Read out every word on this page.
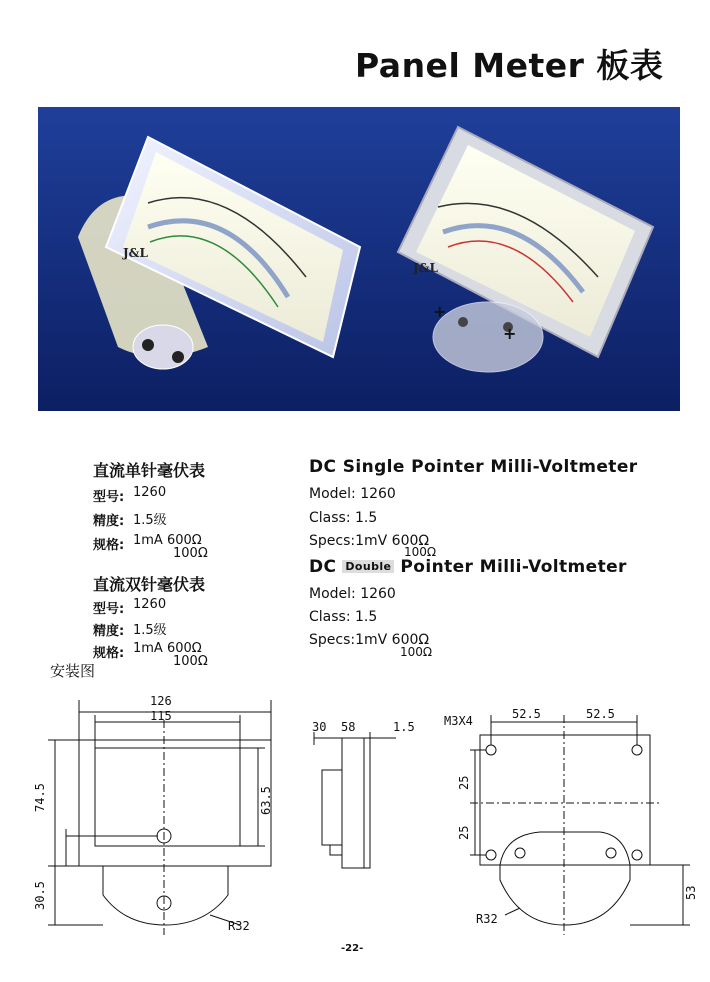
Panel Meter 板表
J&L
J&L
+
+
直流单针毫伏表
型号: 1260
精度: 1.5级
规格: 1mA 600Ω
100Ω
直流双针毫伏表
型号: 1260
精度: 1.5级
规格: 1mA 600Ω
100Ω
DC Single Pointer Milli-Voltmeter
Model: 1260
Class: 1.5
Specs:1mV 600Ω
100Ω
DC Double Pointer Milli-Voltmeter
Model: 1260
Class: 1.5
Specs:1mV 600Ω
100Ω
安装图
126
115
74.5	63.5
30.5
R32
30 58	1.5 M3X4	52.5	52.5
25
25
53
R32
-22-
